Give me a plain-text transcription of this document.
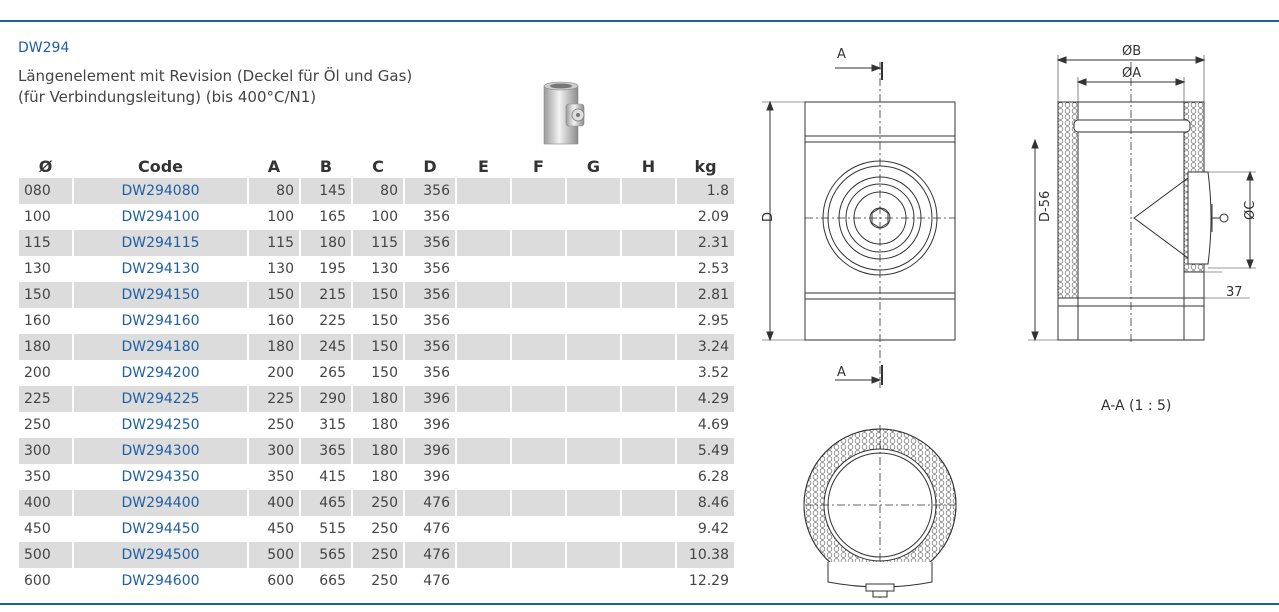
DW294
Längenelement mit Revision (Deckel für Öl und Gas) (für Verbindungsleitung) (bis 400°C/N1)
Ø	Code	A	B	C	D	E	F	G	H	kg
080	DW294080	80	145	80	356					1.8
100	DW294100	100	165	100	356					2.09
115	DW294115	115	180	115	356					2.31
130	DW294130	130	195	130	356					2.53
150	DW294150	150	215	150	356					2.81
160	DW294160	160	225	150	356					2.95
180	DW294180	180	245	150	356					3.24
200	DW294200	200	265	150	356					3.52
225	DW294225	225	290	180	396					4.29
250	DW294250	250	315	180	396					4.69
300	DW294300	300	365	180	396					5.49
350	DW294350	350	415	180	396					6.28
400	DW294400	400	465	250	476					8.46
450	DW294450	450	515	250	476					9.42
500	DW294500	500	565	250	476					10.38
600	DW294600	600	665	250	476					12.29
A
A
D
ØB
ØA
D-56	ØC
37
A-A (1 : 5)
